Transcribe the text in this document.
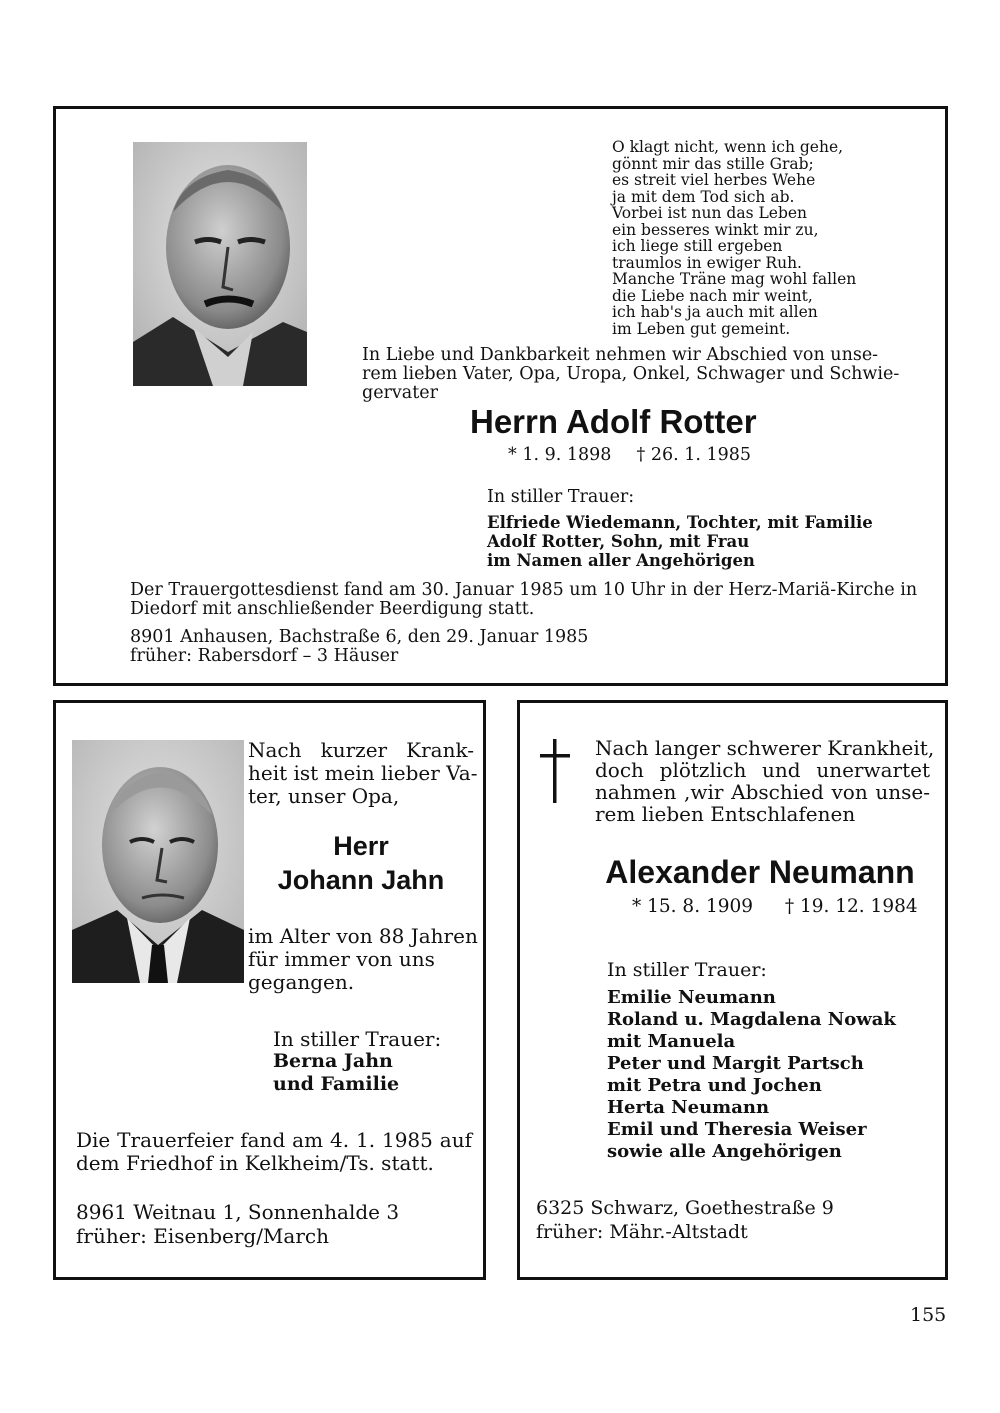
O klagt nicht, wenn ich gehe,
gönnt mir das stille Grab;
es streit viel herbes Wehe
ja mit dem Tod sich ab.
Vorbei ist nun das Leben
ein besseres winkt mir zu,
ich liege still ergeben
traumlos in ewiger Ruh.
Manche Träne mag wohl fallen
die Liebe nach mir weint,
ich hab's ja auch mit allen
im Leben gut gemeint.
In Liebe und Dankbarkeit nehmen wir Abschied von unse-
rem lieben Vater, Opa, Uropa, Onkel, Schwager und Schwie-
gervater
Herrn Adolf Rotter
* 1. 9. 1898 † 26. 1. 1985
In stiller Trauer:
Elfriede Wiedemann, Tochter, mit Familie
Adolf Rotter, Sohn, mit Frau
im Namen aller Angehörigen
Der Trauergottesdienst fand am 30. Januar 1985 um 10 Uhr in der Herz-Mariä-Kirche in
Diedorf mit anschließender Beerdigung statt.
8901 Anhausen, Bachstraße 6, den 29. Januar 1985
früher: Rabersdorf – 3 Häuser
Nach kurzer Krank-
heit ist mein lieber Va-
ter, unser Opa,
Herr
Johann Jahn
im Alter von 88 Jahren
für immer von uns
gegangen.
In stiller Trauer:
Berna Jahn
und Familie
Die Trauerfeier fand am 4. 1. 1985 auf
dem Friedhof in Kelkheim/Ts. statt.
8961 Weitnau 1, Sonnenhalde 3
früher: Eisenberg/March
Nach langer schwerer Krankheit,
doch plötzlich und unerwartet
nahmen ,wir Abschied von unse-
rem lieben Entschlafenen
Alexander Neumann
* 15. 8. 1909 † 19. 12. 1984
In stiller Trauer:
Emilie Neumann
Roland u. Magdalena Nowak
mit Manuela
Peter und Margit Partsch
mit Petra und Jochen
Herta Neumann
Emil und Theresia Weiser
sowie alle Angehörigen
6325 Schwarz, Goethestraße 9
früher: Mähr.-Altstadt
155
